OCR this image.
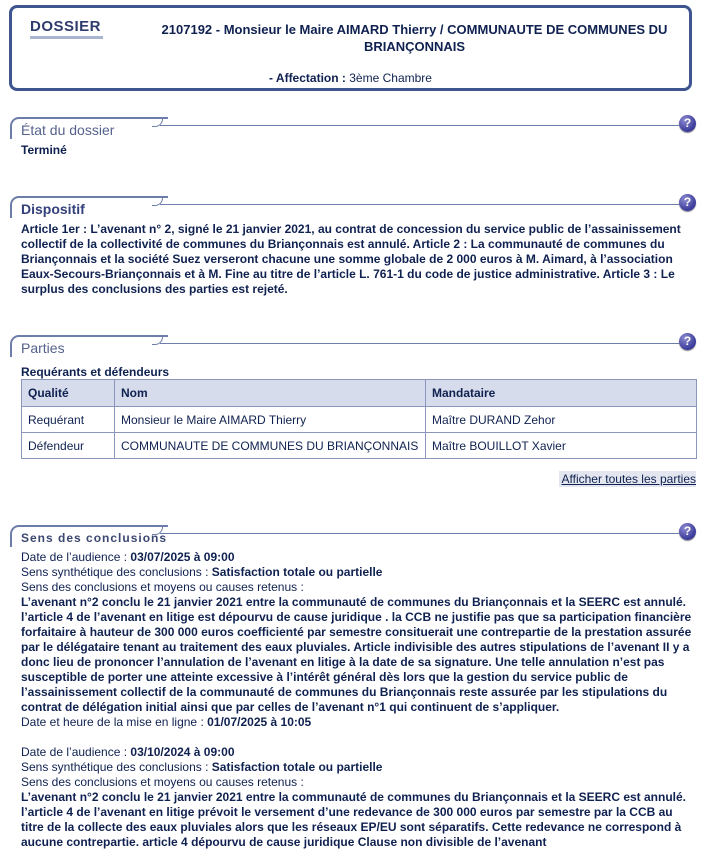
DOSSIER	2107192 - Monsieur le Maire AIMARD Thierry / COMMUNAUTE DE COMMUNES DU BRIANÇONNAIS
- Affectation : 3ème Chambre
État du dossier	?
Terminé
Dispositif	?
Article 1er : L’avenant n° 2, signé le 21 janvier 2021, au contrat de concession du service public de l’assainissement collectif de la collectivité de communes du Briançonnais est annulé. Article 2 : La communauté de communes du Briançonnais et la société Suez verseront chacune une somme globale de 2 000 euros à M. Aimard, à l’association Eaux-Secours-Briançonnais et à M. Fine au titre de l’article L. 761-1 du code de justice administrative. Article 3 : Le surplus des conclusions des parties est rejeté.
Parties	?
Requérants et défendeurs
Qualité	Nom	Mandataire
Requérant	Monsieur le Maire AIMARD Thierry	Maître DURAND Zehor
Défendeur	COMMUNAUTE DE COMMUNES DU BRIANÇONNAIS	Maître BOUILLOT Xavier
Afficher toutes les parties
Sens des conclusions	?
Date de l’audience : 03/07/2025 à 09:00
Sens synthétique des conclusions : Satisfaction totale ou partielle
Sens des conclusions et moyens ou causes retenus :
L’avenant n°2 conclu le 21 janvier 2021 entre la communauté de communes du Briançonnais et la SEERC est annulé. l’article 4 de l’avenant en litige est dépourvu de cause juridique . la CCB ne justifie pas que sa participation financière forfaitaire à hauteur de 300 000 euros coefficienté par semestre consituerait une contrepartie de la prestation assurée par le délégataire tenant au traitement des eaux pluviales. Article indivisible des autres stipulations de l’avenant II y a donc lieu de prononcer l’annulation de l’avenant en litige à la date de sa signature. Une telle annulation n’est pas susceptible de porter une atteinte excessive à l’intérêt général dès lors que la gestion du service public de l’assainissement collectif de la communauté de communes du Briançonnais reste assurée par les stipulations du contrat de délégation initial ainsi que par celles de l’avenant n°1 qui continuent de s’appliquer.
Date et heure de la mise en ligne : 01/07/2025 à 10:05
Date de l’audience : 03/10/2024 à 09:00
Sens synthétique des conclusions : Satisfaction totale ou partielle
Sens des conclusions et moyens ou causes retenus :
L’avenant n°2 conclu le 21 janvier 2021 entre la communauté de communes du Briançonnais et la SEERC est annulé. l’article 4 de l’avenant en litige prévoit le versement d’une redevance de 300 000 euros par semestre par la CCB au titre de la collecte des eaux pluviales alors que les réseaux EP/EU sont séparatifs. Cette redevance ne correspond à aucune contrepartie. article 4 dépourvu de cause juridique Clause non divisible de l’avenant
